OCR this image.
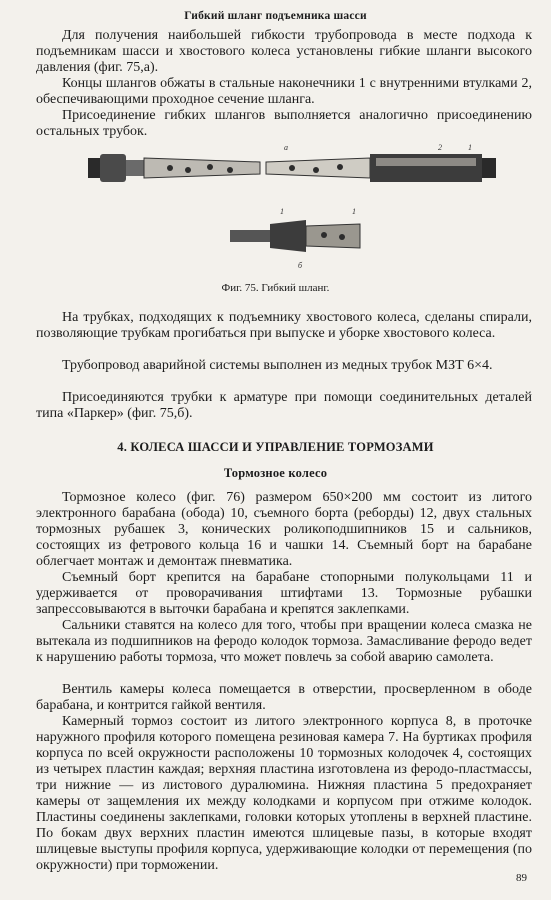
Гибкий шланг подъемника шасси

Для получения наибольшей гибкости трубопровода в месте подхода к подъемникам шасси и хвостового колеса установлены гибкие шланги высокого давления (фиг. 75,а).

Концы шлангов обжаты в стальные наконечники 1 с внутренними втулками 2, обеспечивающими проходное сечение шланга.

Присоединение гибких шлангов выполняется аналогично присоединению остальных трубок.

а	2	1
1	1
б
Фиг. 75. Гибкий шланг.

На трубках, подходящих к подъемнику хвостового колеса, сделаны спирали, позволяющие трубкам прогибаться при выпуске и уборке хвостового колеса.

Трубопровод аварийной системы выполнен из медных трубок МЗТ 6×4.

Присоединяются трубки к арматуре при помощи соединительных деталей типа «Паркер» (фиг. 75,б).

4. КОЛЕСА ШАССИ И УПРАВЛЕНИЕ ТОРМОЗАМИ
Тормозное колесо

Тормозное колесо (фиг. 76) размером 650×200 мм состоит из литого электронного барабана (обода) 10, съемного борта (реборды) 12, двух стальных тормозных рубашек 3, конических роликоподшипников 15 и сальников, состоящих из фетрового кольца 16 и чашки 14. Съемный борт на барабане облегчает монтаж и демонтаж пневматика.

Съемный борт крепится на барабане стопорными полукольцами 11 и удерживается от проворачивания штифтами 13. Тормозные рубашки запрессовываются в выточки барабана и крепятся заклепками.

Сальники ставятся на колесо для того, чтобы при вращении колеса смазка не вытекала из подшипников на феродо колодок тормоза. Замасливание феродо ведет к нарушению работы тормоза, что может повлечь за собой аварию самолета.

Вентиль камеры колеса помещается в отверстии, просверленном в ободе барабана, и контрится гайкой вентиля.

Камерный тормоз состоит из литого электронного корпуса 8, в проточке наружного профиля которого помещена резиновая камера 7. На буртиках профиля корпуса по всей окружности расположены 10 тормозных колодочек 4, состоящих из четырех пластин каждая; верхняя пластина изготовлена из феродо-пластмассы, три нижние — из листового дуралюмина. Нижняя пластина 5 предохраняет камеры от защемления их между колодками и корпусом при отжиме колодок. Пластины соединены заклепками, головки которых утоплены в верхней пластине. По бокам двух верхних пластин имеются шлицевые пазы, в которые входят шлицевые выступы профиля корпуса, удерживающие колодки от перемещения (по окружности) при торможении.

89
